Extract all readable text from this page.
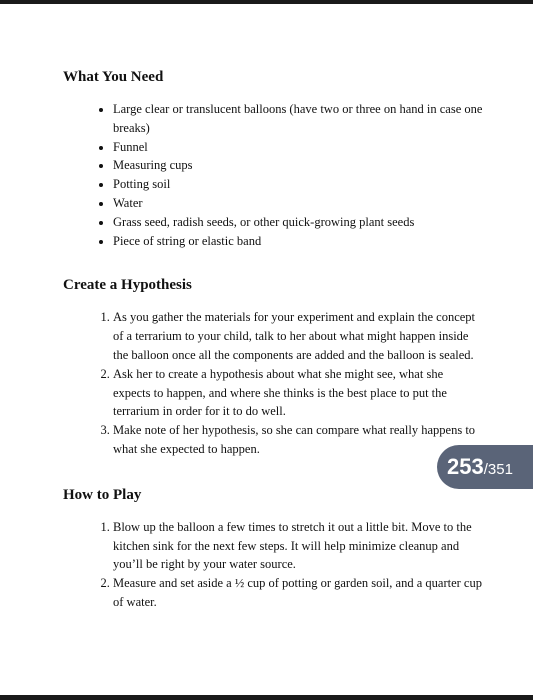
What You Need
• Large clear or translucent balloons (have two or three on hand in case one breaks)
• Funnel
• Measuring cups
• Potting soil
• Water
• Grass seed, radish seeds, or other quick-growing plant seeds
• Piece of string or elastic band
Create a Hypothesis
1. As you gather the materials for your experiment and explain the concept of a terrarium to your child, talk to her about what might happen inside the balloon once all the components are added and the balloon is sealed.
2. Ask her to create a hypothesis about what she might see, what she expects to happen, and where she thinks is the best place to put the terrarium in order for it to do well.
3. Make note of her hypothesis, so she can compare what really happens to what she expected to happen.
How to Play
1. Blow up the balloon a few times to stretch it out a little bit. Move to the kitchen sink for the next few steps. It will help minimize cleanup and you’ll be right by your water source.
2. Measure and set aside a ½ cup of potting or garden soil, and a quarter cup of water.
253 / 351
